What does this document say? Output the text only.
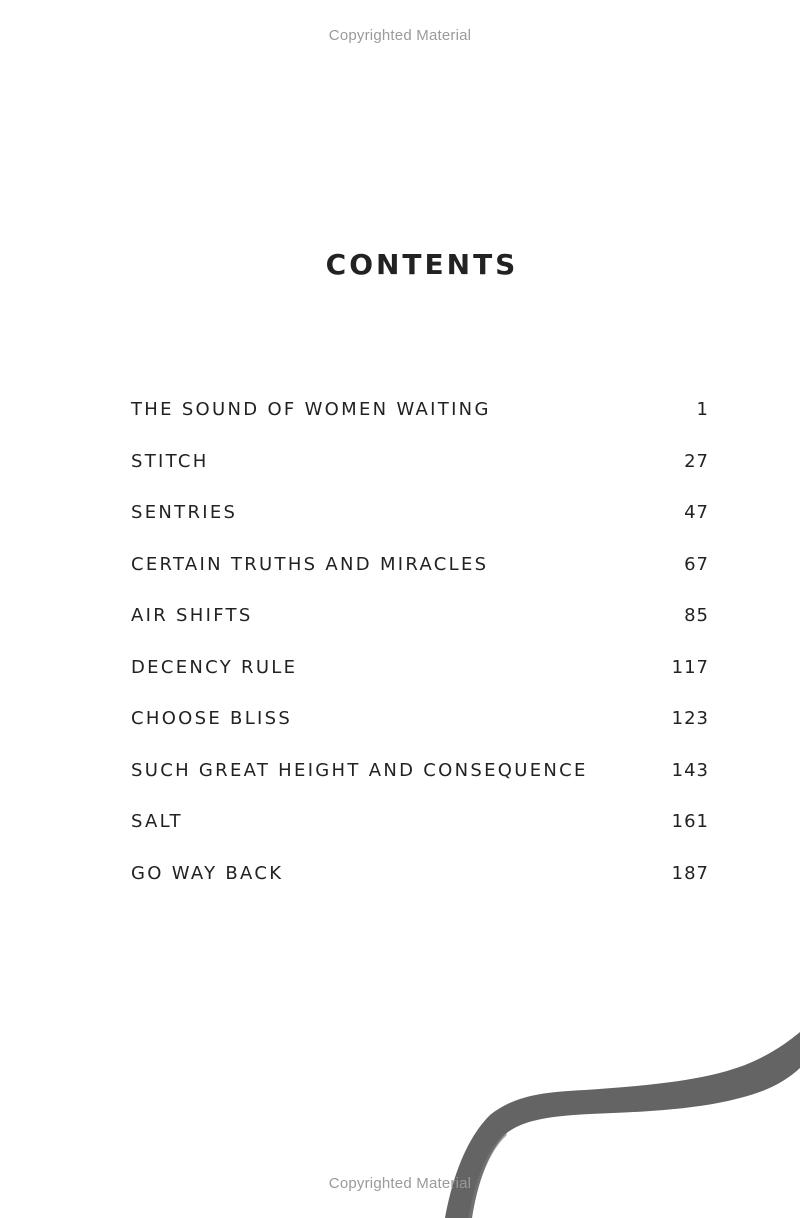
Copyrighted Material
CONTENTS
THE SOUND OF WOMEN WAITING	1
STITCH	27
SENTRIES	47
CERTAIN TRUTHS AND MIRACLES	67
AIR SHIFTS	85
DECENCY RULE	117
CHOOSE BLISS	123
SUCH GREAT HEIGHT AND CONSEQUENCE	143
SALT	161
GO WAY BACK	187
Copyrighted Material
